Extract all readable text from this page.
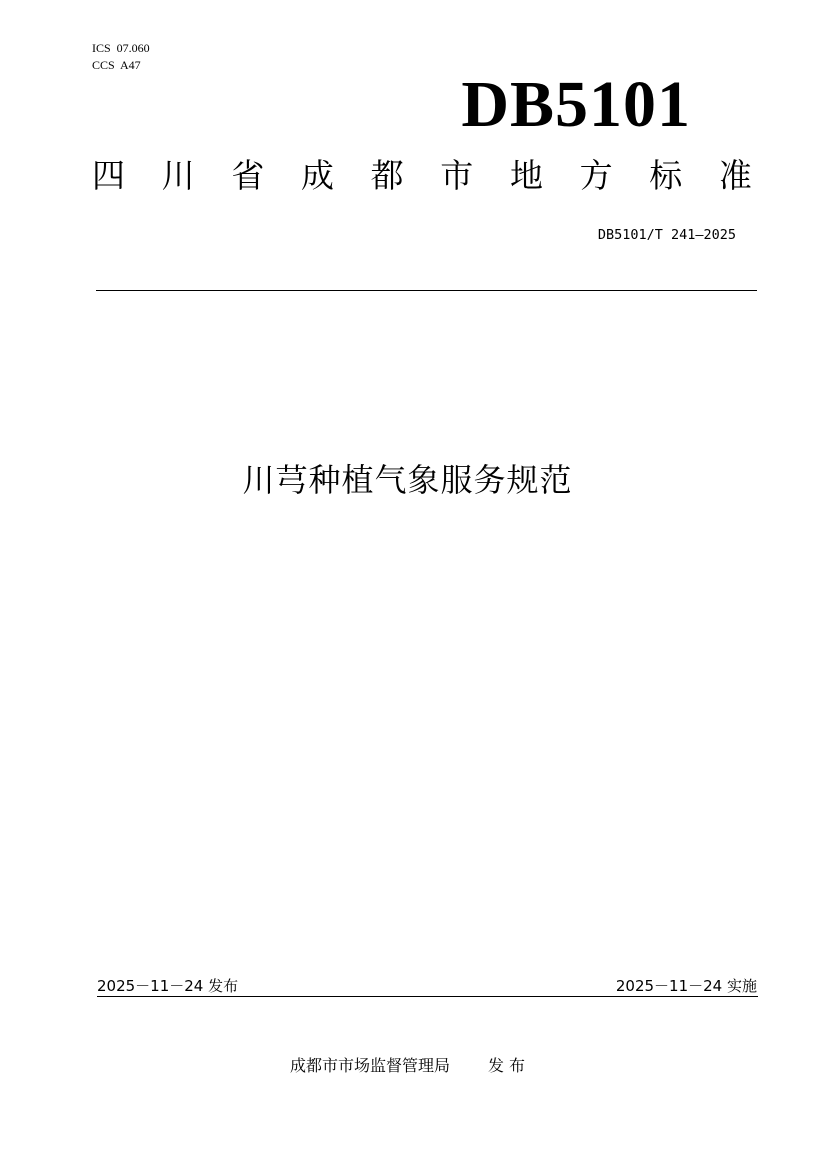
ICS  07.060
CCS  A47
DB5101
四 川 省 成 都 市 地 方 标 准
DB5101/T 241—2025
川芎种植气象服务规范
2025－11－24 发布	2025－11－24 实施
成都市市场监督管理局 发 布
